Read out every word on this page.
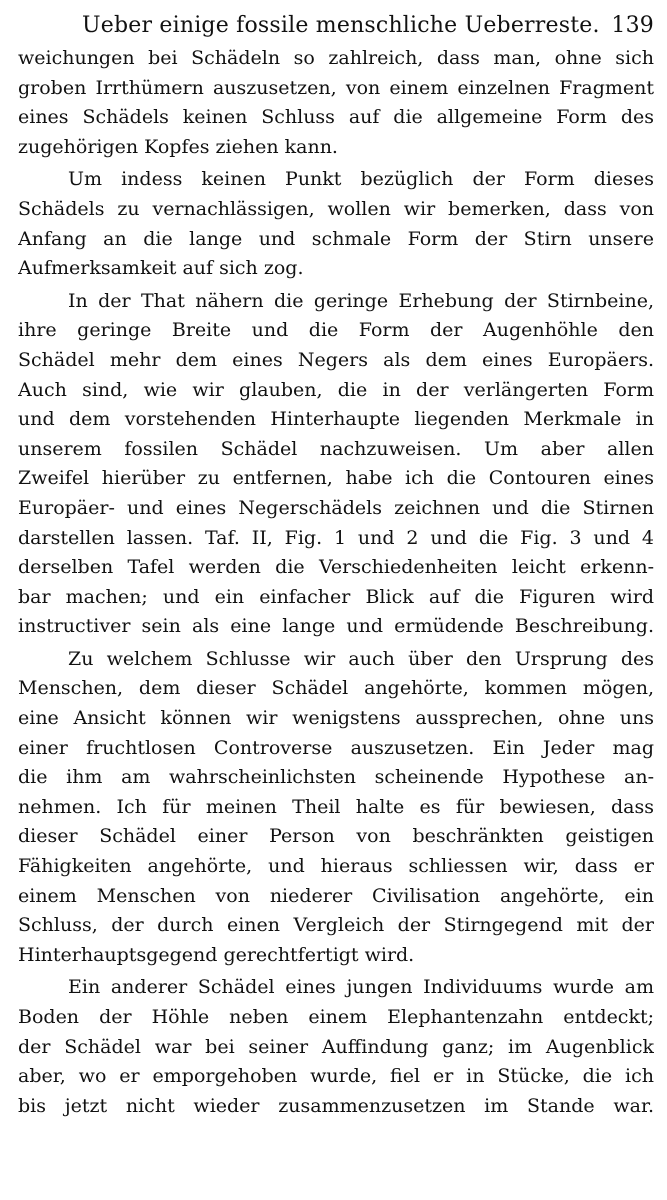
Ueber einige fossile menschliche Ueberreste. 139
weichungen bei Schädeln so zahlreich, dass man, ohne sich
groben Irrthümern auszusetzen, von einem einzelnen Fragment
eines Schädels keinen Schluss auf die allgemeine Form des
zugehörigen Kopfes ziehen kann.
Um indess keinen Punkt bezüglich der Form dieses
Schädels zu vernachlässigen, wollen wir bemerken, dass von
Anfang an die lange und schmale Form der Stirn unsere
Aufmerksamkeit auf sich zog.
In der That nähern die geringe Erhebung der Stirnbeine,
ihre geringe Breite und die Form der Augenhöhle den
Schädel mehr dem eines Negers als dem eines Europäers.
Auch sind, wie wir glauben, die in der verlängerten Form
und dem vorstehenden Hinterhaupte liegenden Merkmale in
unserem fossilen Schädel nachzuweisen. Um aber allen
Zweifel hierüber zu entfernen, habe ich die Contouren eines
Europäer- und eines Negerschädels zeichnen und die Stirnen
darstellen lassen. Taf. II, Fig. 1 und 2 und die Fig. 3 und 4
derselben Tafel werden die Verschiedenheiten leicht erkenn-
bar machen; und ein einfacher Blick auf die Figuren wird
instructiver sein als eine lange und ermüdende Beschreibung.
Zu welchem Schlusse wir auch über den Ursprung des
Menschen, dem dieser Schädel angehörte, kommen mögen,
eine Ansicht können wir wenigstens aussprechen, ohne uns
einer fruchtlosen Controverse auszusetzen. Ein Jeder mag
die ihm am wahrscheinlichsten scheinende Hypothese an-
nehmen. Ich für meinen Theil halte es für bewiesen, dass
dieser Schädel einer Person von beschränkten geistigen
Fähigkeiten angehörte, und hieraus schliessen wir, dass er
einem Menschen von niederer Civilisation angehörte, ein
Schluss, der durch einen Vergleich der Stirngegend mit der
Hinterhauptsgegend gerechtfertigt wird.
Ein anderer Schädel eines jungen Individuums wurde am
Boden der Höhle neben einem Elephantenzahn entdeckt;
der Schädel war bei seiner Auffindung ganz; im Augenblick
aber, wo er emporgehoben wurde, fiel er in Stücke, die ich
bis jetzt nicht wieder zusammenzusetzen im Stande war.
